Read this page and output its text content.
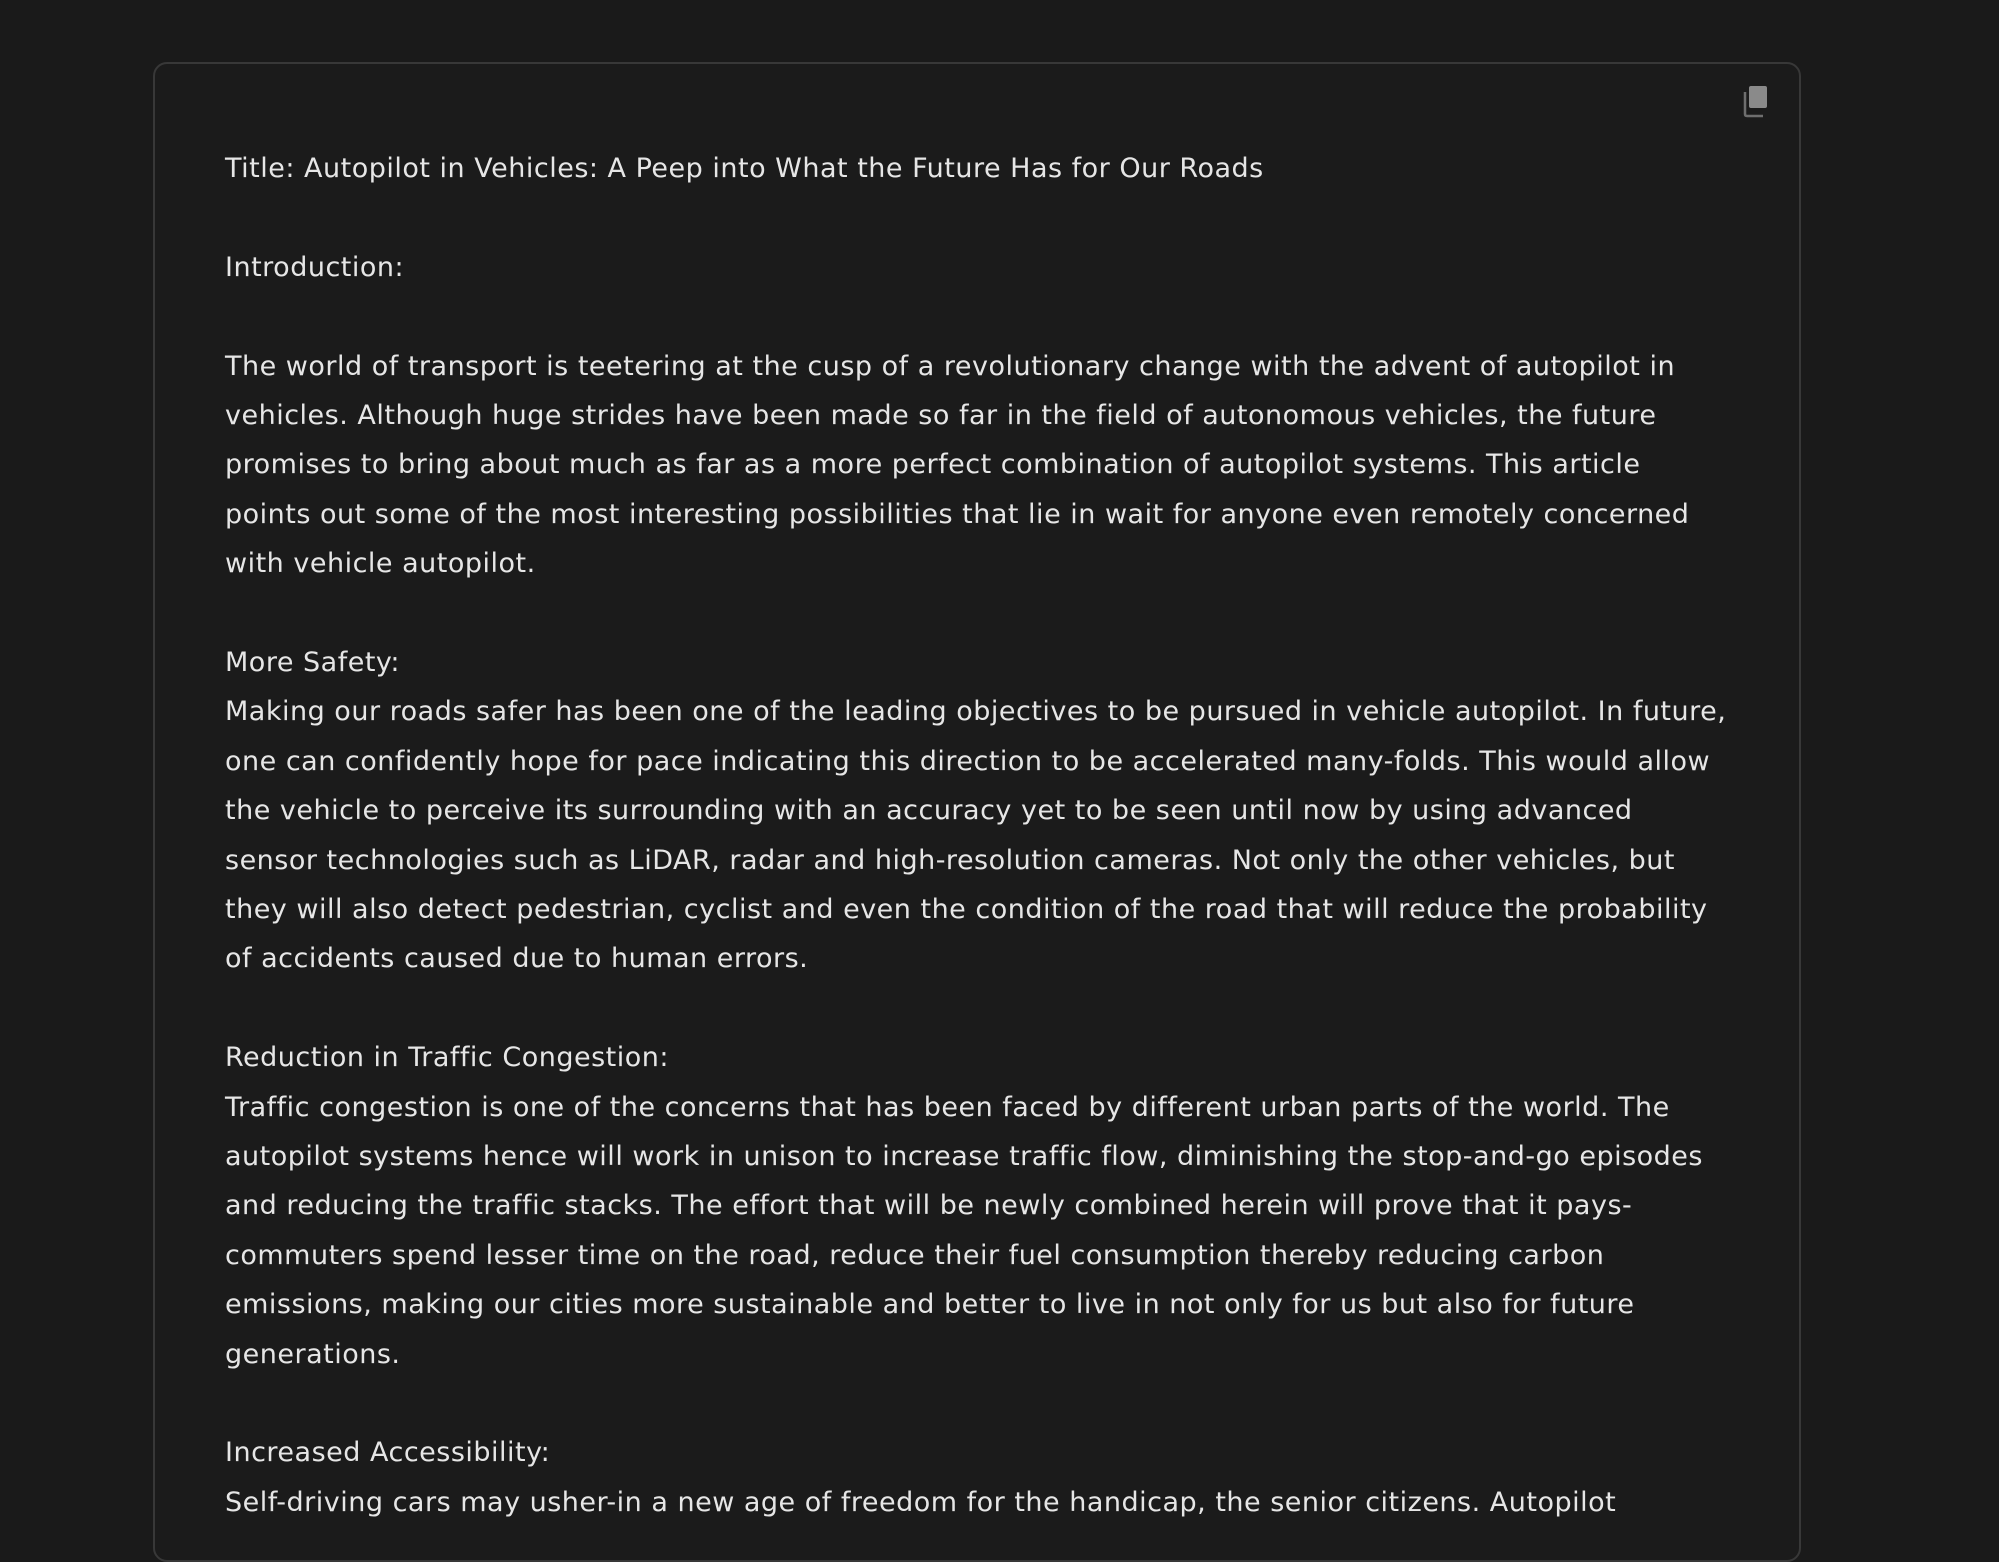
Title: Autopilot in Vehicles: A Peep into What the Future Has for Our Roads

Introduction:

The world of transport is teetering at the cusp of a revolutionary change with the advent of autopilot in

vehicles. Although huge strides have been made so far in the field of autonomous vehicles, the future

promises to bring about much as far as a more perfect combination of autopilot systems. This article

points out some of the most interesting possibilities that lie in wait for anyone even remotely concerned

with vehicle autopilot.

More Safety:

Making our roads safer has been one of the leading objectives to be pursued in vehicle autopilot. In future,

one can confidently hope for pace indicating this direction to be accelerated many-folds. This would allow

the vehicle to perceive its surrounding with an accuracy yet to be seen until now by using advanced

sensor technologies such as LiDAR, radar and high-resolution cameras. Not only the other vehicles, but

they will also detect pedestrian, cyclist and even the condition of the road that will reduce the probability

of accidents caused due to human errors.

Reduction in Traffic Congestion:

Traffic congestion is one of the concerns that has been faced by different urban parts of the world. The

autopilot systems hence will work in unison to increase traffic flow, diminishing the stop-and-go episodes

and reducing the traffic stacks. The effort that will be newly combined herein will prove that it pays-

commuters spend lesser time on the road, reduce their fuel consumption thereby reducing carbon

emissions, making our cities more sustainable and better to live in not only for us but also for future

generations.

Increased Accessibility:

Self-driving cars may usher-in a new age of freedom for the handicap, the senior citizens. Autopilot
